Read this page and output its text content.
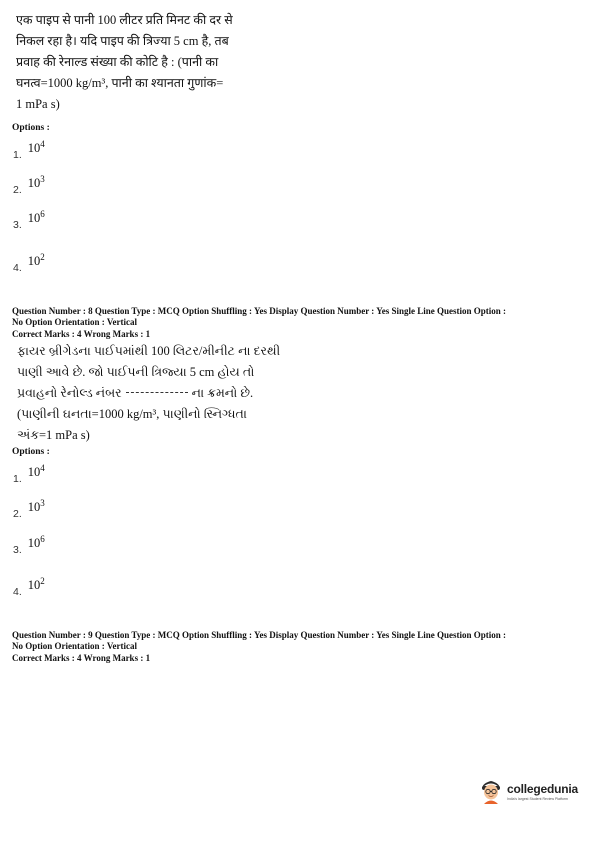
एक पाइप से पानी 100 लीटर प्रति मिनट की दर से
निकल रहा है। यदि पाइप की त्रिज्या 5 cm है, तब
प्रवाह की रेनाल्ड संख्या की कोटि है : (पानी का
घनत्व=1000 kg/m³, पानी का श्यानता गुणांक=
1 mPa s)
Options :
1. $10^4$
2. $10^3$
3. $10^6$
4. $10^2$
Question Number : 8 Question Type : MCQ Option Shuffling : Yes Display Question Number : Yes Single Line Question Option :
No Option Orientation : Vertical
Correct Marks : 4 Wrong Marks : 1
ફાયર બ્રીગેડના પાઈપમાંથી 100 લિટર/મીનીટ ના દરથી
પાણી આવે છે. જો પાઈપની ત્રિજ્યા 5 cm હોય તો
પ્રવાહનો રેનોલ્ડ નંબર	ના ક્રમનો છે.
(પાણીની ઘનતા=1000 kg/m³, પાણીનો સ્નિગ્ધતા
અંક=1 mPa s)
Options :
1. $10^4$
2. $10^3$
3. $10^6$
4. $10^2$
Question Number : 9 Question Type : MCQ Option Shuffling : Yes Display Question Number : Yes Single Line Question Option :
No Option Orientation : Vertical
Correct Marks : 4 Wrong Marks : 1
collegedunia
India's largest Student Review Platform
